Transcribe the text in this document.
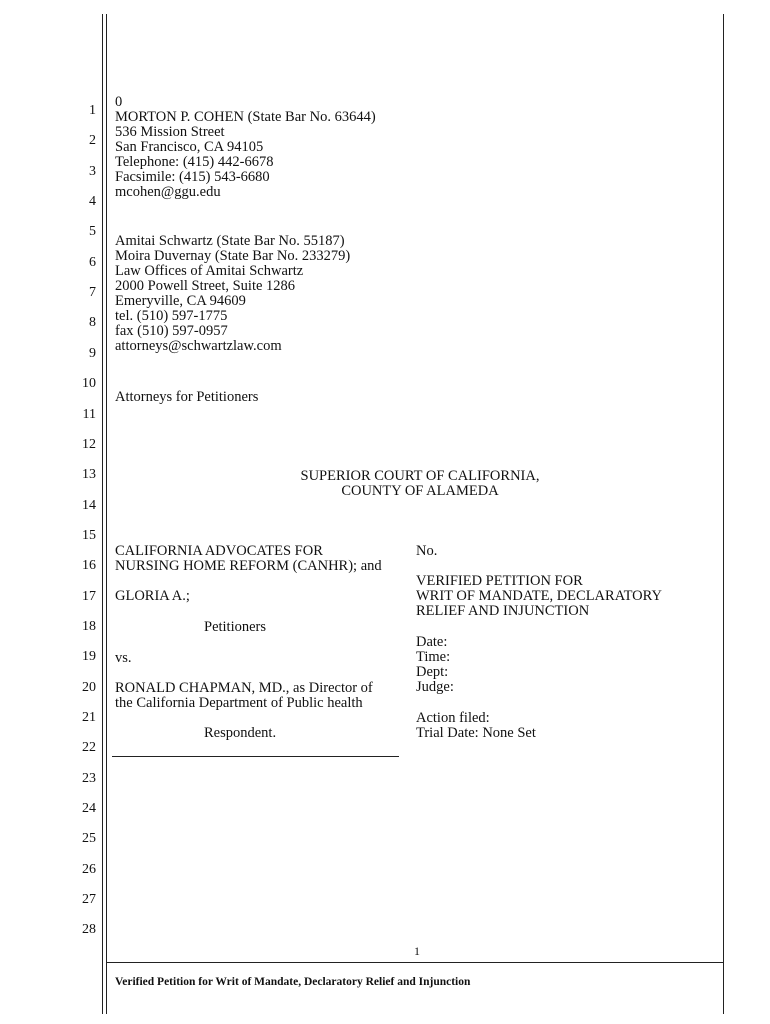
1
2
3
4
5
6
7
8
9
10
11
12
13
14
15
16
17
18
19
20
21
22
23
24
25
26
27
28
0
MORTON P. COHEN (State Bar No. 63644)
536 Mission Street
San Francisco, CA 94105
Telephone: (415) 442-6678
Facsimile: (415) 543-6680
mcohen@ggu.edu
Amitai Schwartz (State Bar No. 55187)
Moira Duvernay (State Bar No. 233279)
Law Offices of Amitai Schwartz
2000 Powell Street, Suite 1286
Emeryville, CA 94609
tel. (510) 597-1775
fax (510) 597-0957
attorneys@schwartzlaw.com
Attorneys for Petitioners
SUPERIOR COURT OF CALIFORNIA,
COUNTY OF ALAMEDA
CALIFORNIA ADVOCATES FOR
NURSING HOME REFORM (CANHR); and
GLORIA A.;
Petitioners
vs.
RONALD CHAPMAN, MD., as Director of
the California Department of Public health
Respondent.
No.
VERIFIED PETITION FOR
WRIT OF MANDATE, DECLARATORY
RELIEF AND INJUNCTION
Date:
Time:
Dept:
Judge:
Action filed:
Trial Date: None Set
1
Verified Petition for Writ of Mandate, Declaratory Relief and Injunction
